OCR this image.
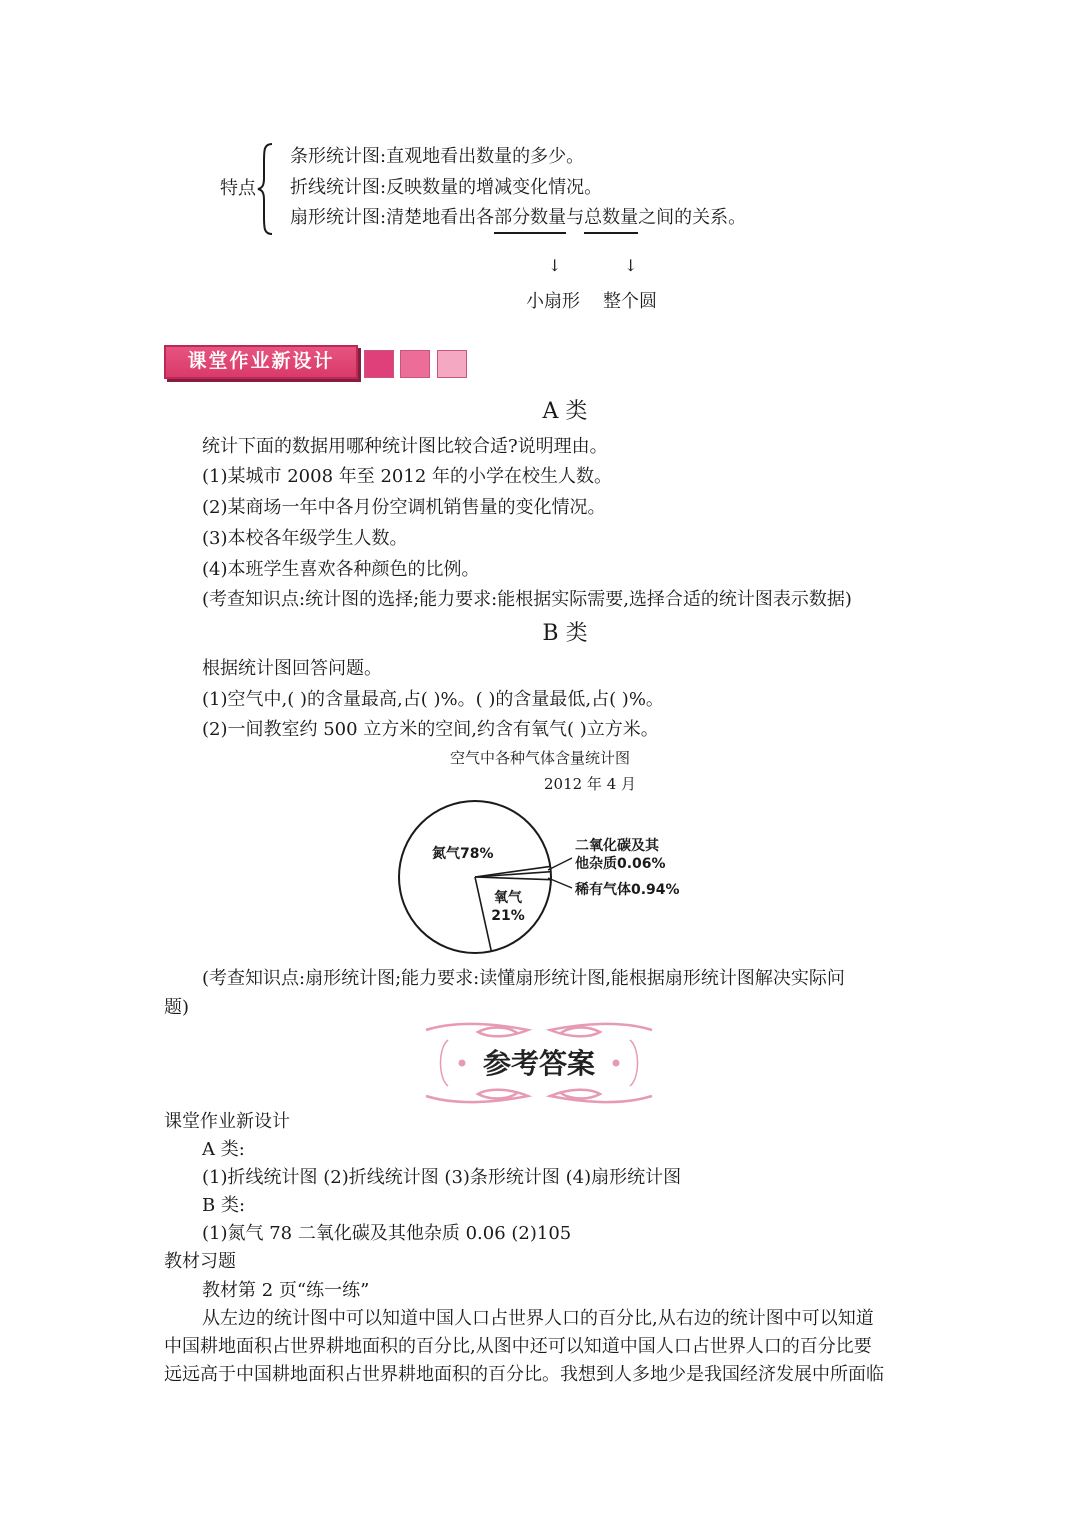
特点
条形统计图:直观地看出数量的多少。
折线统计图:反映数量的增减变化情况。
扇形统计图:清楚地看出各部分数量与总数量之间的关系。
↓	↓
小扇形 整个圆
课堂作业新设计
A 类
统计下面的数据用哪种统计图比较合适?说明理由。
(1)某城市 2008 年至 2012 年的小学在校生人数。
(2)某商场一年中各月份空调机销售量的变化情况。
(3)本校各年级学生人数。
(4)本班学生喜欢各种颜色的比例。
(考查知识点:统计图的选择;能力要求:能根据实际需要,选择合适的统计图表示数据)
B 类
根据统计图回答问题。
(1)空气中,( )的含量最高,占( )%。( )的含量最低,占( )%。
(2)一间教室约 500 立方米的空间,约含有氧气( )立方米。
空气中各种气体含量统计图
2012 年 4 月
氮气78%
氧气
21%
二氧化碳及其
他杂质0.06%
稀有气体0.94%
(考查知识点:扇形统计图;能力要求:读懂扇形统计图,能根据扇形统计图解决实际问
题)
参考答案
课堂作业新设计
A 类:
(1)折线统计图 (2)折线统计图 (3)条形统计图 (4)扇形统计图
B 类:
(1)氮气 78 二氧化碳及其他杂质 0.06 (2)105
教材习题
教材第 2 页“练一练”
从左边的统计图中可以知道中国人口占世界人口的百分比,从右边的统计图中可以知道
中国耕地面积占世界耕地面积的百分比,从图中还可以知道中国人口占世界人口的百分比要
远远高于中国耕地面积占世界耕地面积的百分比。我想到人多地少是我国经济发展中所面临
